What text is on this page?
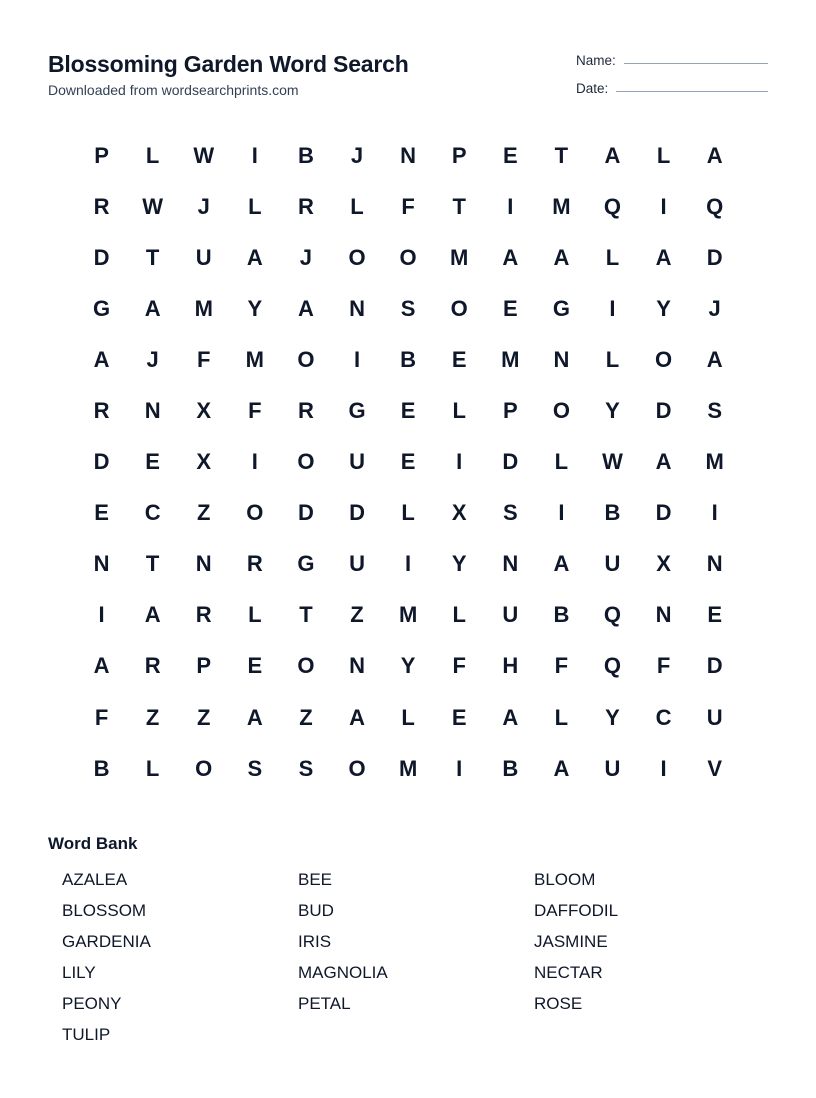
Blossoming Garden Word Search
Downloaded from wordsearchprints.com
Name:
Date:
P	L	W	I	B	J	N	P	E	T	A	L	A
R	W	J	L	R	L	F	T	I	M	Q	I	Q
D	T	U	A	J	O	O	M	A	A	L	A	D
G	A	M	Y	A	N	S	O	E	G	I	Y	J
A	J	F	M	O	I	B	E	M	N	L	O	A
R	N	X	F	R	G	E	L	P	O	Y	D	S
D	E	X	I	O	U	E	I	D	L	W	A	M
E	C	Z	O	D	D	L	X	S	I	B	D	I
N	T	N	R	G	U	I	Y	N	A	U	X	N
I	A	R	L	T	Z	M	L	U	B	Q	N	E
A	R	P	E	O	N	Y	F	H	F	Q	F	D
F	Z	Z	A	Z	A	L	E	A	L	Y	C	U
B	L	O	S	S	O	M	I	B	A	U	I	V
Word Bank
AZALEA	BEE	BLOOM
BLOSSOM	BUD	DAFFODIL
GARDENIA	IRIS	JASMINE
LILY	MAGNOLIA	NECTAR
PEONY	PETAL	ROSE
TULIP
